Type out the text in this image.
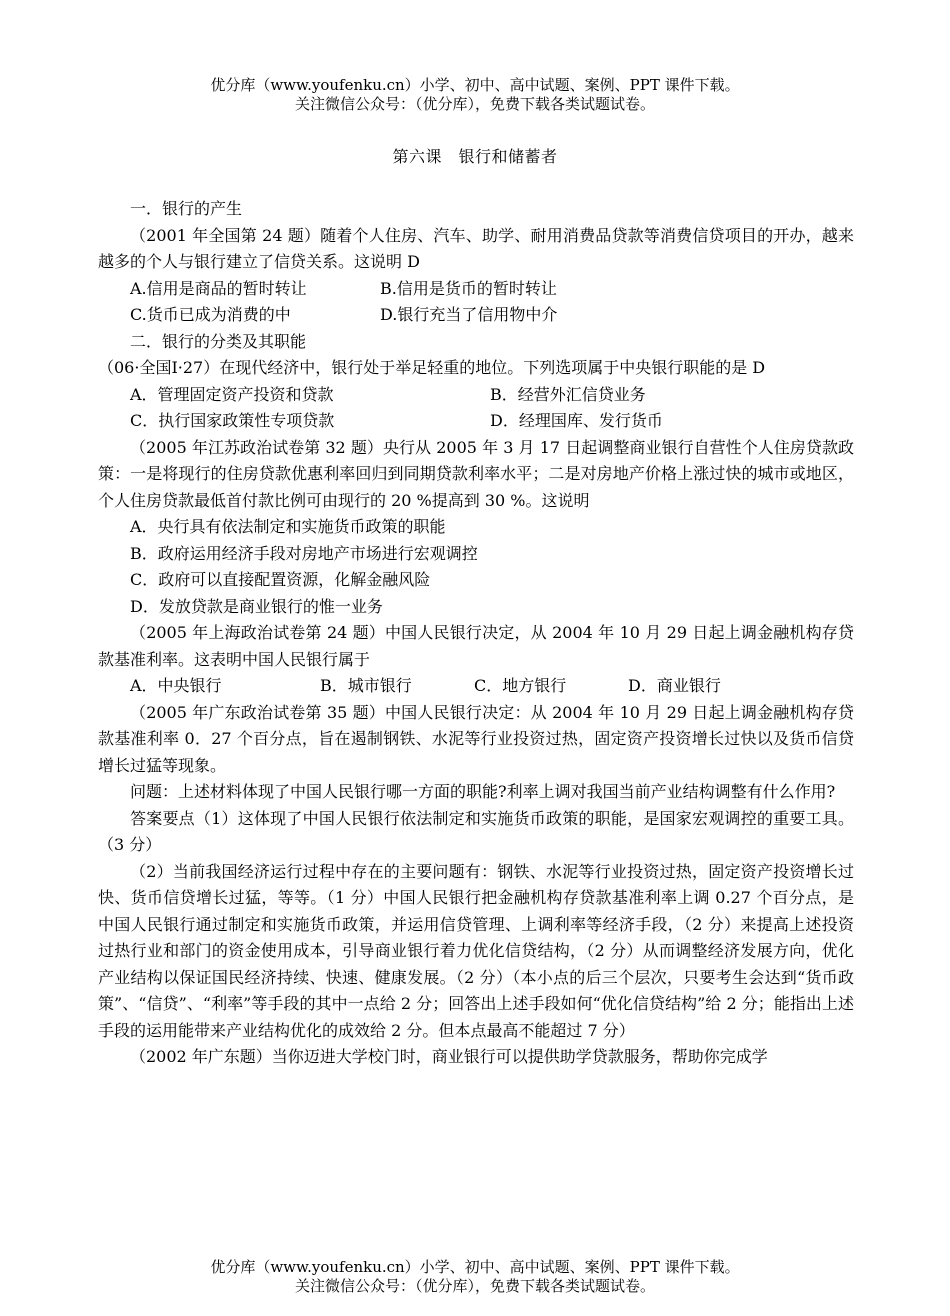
优分库（www.youfenku.cn）小学、初中、高中试题、案例、PPT 课件下载。
关注微信公众号：（优分库），免费下载各类试题试卷。
第六课　银行和储蓄者

一．银行的产生

（2001 年全国第 24 题）随着个人住房、汽车、助学、耐用消费品贷款等消费信贷项目的开办，越来越多的个人与银行建立了信贷关系。这说明 D

A.信用是商品的暂时转让	B.信用是货币的暂时转让
C.货币已成为消费的中	D.银行充当了信用物中介

二．银行的分类及其职能

（06·全国Ⅰ·27）在现代经济中，银行处于举足轻重的地位。下列选项属于中央银行职能的是 D

A．管理固定资产投资和贷款	B．经营外汇信贷业务
C．执行国家政策性专项贷款	D．经理国库、发行货币

（2005 年江苏政治试卷第 32 题）央行从 2005 年 3 月 17 日起调整商业银行自营性个人住房贷款政策：一是将现行的住房贷款优惠利率回归到同期贷款利率水平；二是对房地产价格上涨过快的城市或地区，个人住房贷款最低首付款比例可由现行的 20 %提高到 30 %。这说明

A．央行具有依法制定和实施货币政策的职能

B．政府运用经济手段对房地产市场进行宏观调控

C．政府可以直接配置资源，化解金融风险

D．发放贷款是商业银行的惟一业务

（2005 年上海政治试卷第 24 题）中国人民银行决定，从 2004 年 10 月 29 日起上调金融机构存贷款基准利率。这表明中国人民银行属于

A．中央银行	B．城市银行	C．地方银行	D．商业银行

（2005 年广东政治试卷第 35 题）中国人民银行决定：从 2004 年 10 月 29 日起上调金融机构存贷款基准利率 0．27 个百分点，旨在遏制钢铁、水泥等行业投资过热，固定资产投资增长过快以及货币信贷增长过猛等现象。

问题：上述材料体现了中国人民银行哪一方面的职能?利率上调对我国当前产业结构调整有什么作用?

答案要点（1）这体现了中国人民银行依法制定和实施货币政策的职能，是国家宏观调控的重要工具。（3 分）

（2）当前我国经济运行过程中存在的主要问题有：钢铁、水泥等行业投资过热，固定资产投资增长过快、货币信贷增长过猛，等等。（1 分）中国人民银行把金融机构存贷款基准利率上调 0.27 个百分点，是中国人民银行通过制定和实施货币政策，并运用信贷管理、上调利率等经济手段，（2 分）来提高上述投资过热行业和部门的资金使用成本，引导商业银行着力优化信贷结构，（2 分）从而调整经济发展方向，优化产业结构以保证国民经济持续、快速、健康发展。（2 分）（本小点的后三个层次，只要考生会达到“货币政策”、“信贷”、“利率”等手段的其中一点给 2 分；回答出上述手段如何“优化信贷结构”给 2 分；能指出上述手段的运用能带来产业结构优化的成效给 2 分。但本点最高不能超过 7 分）

（2002 年广东题）当你迈进大学校门时，商业银行可以提供助学贷款服务，帮助你完成学

优分库（www.youfenku.cn）小学、初中、高中试题、案例、PPT 课件下载。
关注微信公众号：（优分库），免费下载各类试题试卷。
